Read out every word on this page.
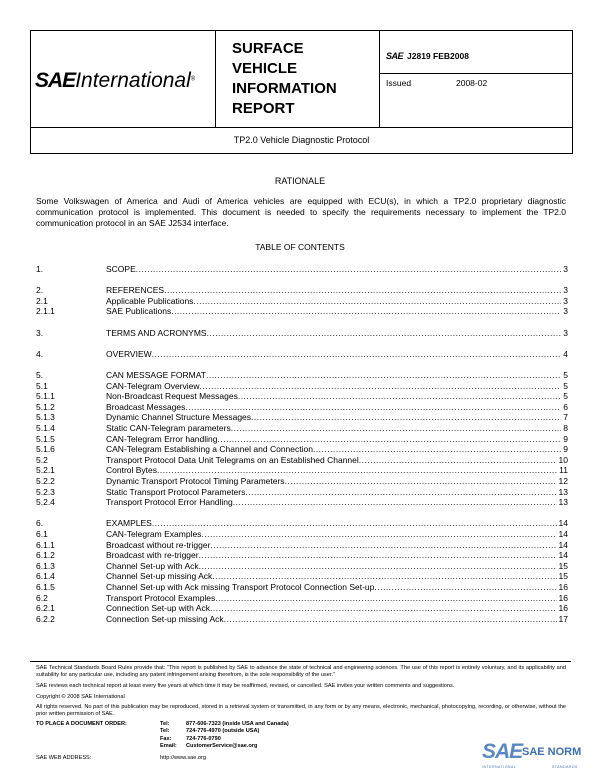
SAEInternational®
SURFACE
VEHICLE
INFORMATION
REPORT
SAE J2819 FEB2008
Issued	2008-02
TP2.0 Vehicle Diagnostic Protocol
RATIONALE
Some Volkswagen of America and Audi of America vehicles are equipped with ECU(s), in which a TP2.0 proprietary diagnostic communication protocol is implemented. This document is needed to specify the requirements necessary to implement the TP2.0 communication protocol in an SAE J2534 interface.
TABLE OF CONTENTS
1.	SCOPE .....	3
2.	REFERENCES .....	3
2.1	Applicable Publications .....	3
2.1.1	SAE Publications .....	3
3.	TERMS AND ACRONYMS .....	3
4.	OVERVIEW .....	4
5.	CAN MESSAGE FORMAT .....	5
5.1	CAN-Telegram Overview .....	5
5.1.1	Non-Broadcast Request Messages .....	5
5.1.2	Broadcast Messages .....	6
5.1.3	Dynamic Channel Structure Messages .....	7
5.1.4	Static CAN-Telegram parameters .....	8
5.1.5	CAN-Telegram Error handling .....	9
5.1.6	CAN-Telegram Establishing a Channel and Connection .....	9
5.2	Transport Protocol Data Unit Telegrams on an Established Channel .....	10
5.2.1	Control Bytes .....	11
5.2.2	Dynamic Transport Protocol Timing Parameters .....	12
5.2.3	Static Transport Protocol Parameters .....	13
5.2.4	Transport Protocol Error Handling .....	13
6.	EXAMPLES .....	14
6.1	CAN-Telegram Examples .....	14
6.1.1	Broadcast without re-trigger .....	14
6.1.2	Broadcast with re-trigger .....	14
6.1.3	Channel Set-up with Ack .....	15
6.1.4	Channel Set-up missing Ack .....	15
6.1.5	Channel Set-up with Ack missing Transport Protocol Connection Set-up .....	16
6.2	Transport Protocol Examples .....	16
6.2.1	Connection Set-up with Ack .....	16
6.2.2	Connection Set-up missing Ack .....	17
SAE Technical Standards Board Rules provide that: “This report is published by SAE to advance the state of technical and engineering sciences. The use of this report is entirely voluntary, and its applicability and suitability for any particular use, including any patent infringement arising therefrom, is the sole responsibility of the user.”
SAE reviews each technical report at least every five years at which time it may be reaffirmed, revised, or cancelled. SAE invites your written comments and suggestions.
Copyright © 2008 SAE International
All rights reserved. No part of this publication may be reproduced, stored in a retrieval system or transmitted, in any form or by any means, electronic, mechanical, photocopying, recording, or otherwise, without the prior written permission of SAE.
TO PLACE A DOCUMENT ORDER:	Tel:	877-606-7323 (inside USA and Canada)
Tel:	724-776-4970 (outside USA)
Fax:	724-776-0790
Email: CustomerService@sae.org
SAE WEB ADDRESS:	http://www.sae.org	SAE SAE NORM
INTERNATIONAL	STANDARDS
